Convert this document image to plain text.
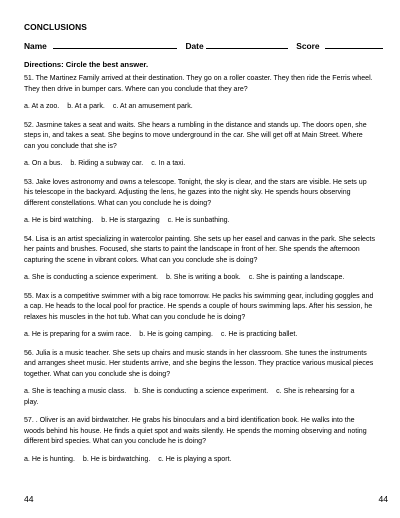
CONCLUSIONS
Name	Date	Score
Directions: Circle the best answer.

51. The Martinez Family arrived at their destination. They go on a roller coaster. They then ride the Ferris wheel. They then drive in bumper cars. Where can you conclude that they are?

a. At a zoo. b. At a park. c. At an amusement park.

52. Jasmine takes a seat and waits. She hears a rumbling in the distance and stands up. The doors open, she steps in, and takes a seat. She begins to move underground in the car. She will get off at Main Street. Where can you conclude that she is?

a. On a bus. b. Riding a subway car. c. In a taxi.

53. Jake loves astronomy and owns a telescope. Tonight, the sky is clear, and the stars are visible. He sets up his telescope in the backyard. Adjusting the lens, he gazes into the night sky. He spends hours observing different constellations. What can you conclude he is doing?

a. He is bird watching. b. He is stargazing c. He is sunbathing.

54. Lisa is an artist specializing in watercolor painting. She sets up her easel and canvas in the park. She selects her paints and brushes. Focused, she starts to paint the landscape in front of her. She spends the afternoon capturing the scene in vibrant colors. What can you conclude she is doing?

a. She is conducting a science experiment. b. She is writing a book. c. She is painting a landscape.

55. Max is a competitive swimmer with a big race tomorrow. He packs his swimming gear, including goggles and a cap. He heads to the local pool for practice. He spends a couple of hours swimming laps. After his session, he relaxes his muscles in the hot tub. What can you conclude he is doing?

a. He is preparing for a swim race. b. He is going camping. c. He is practicing ballet.

56. Julia is a music teacher. She sets up chairs and music stands in her classroom. She tunes the instruments and arranges sheet music. Her students arrive, and she begins the lesson. They practice various musical pieces together. What can you conclude she is doing?

a. She is teaching a music class. b. She is conducting a science experiment. c. She is rehearsing for a play.

57. . Oliver is an avid birdwatcher. He grabs his binoculars and a bird identification book. He walks into the woods behind his house. He finds a quiet spot and waits silently. He spends the morning observing and noting different bird species. What can you conclude he is doing?

a. He is hunting. b. He is birdwatching. c. He is playing a sport.

44	44
